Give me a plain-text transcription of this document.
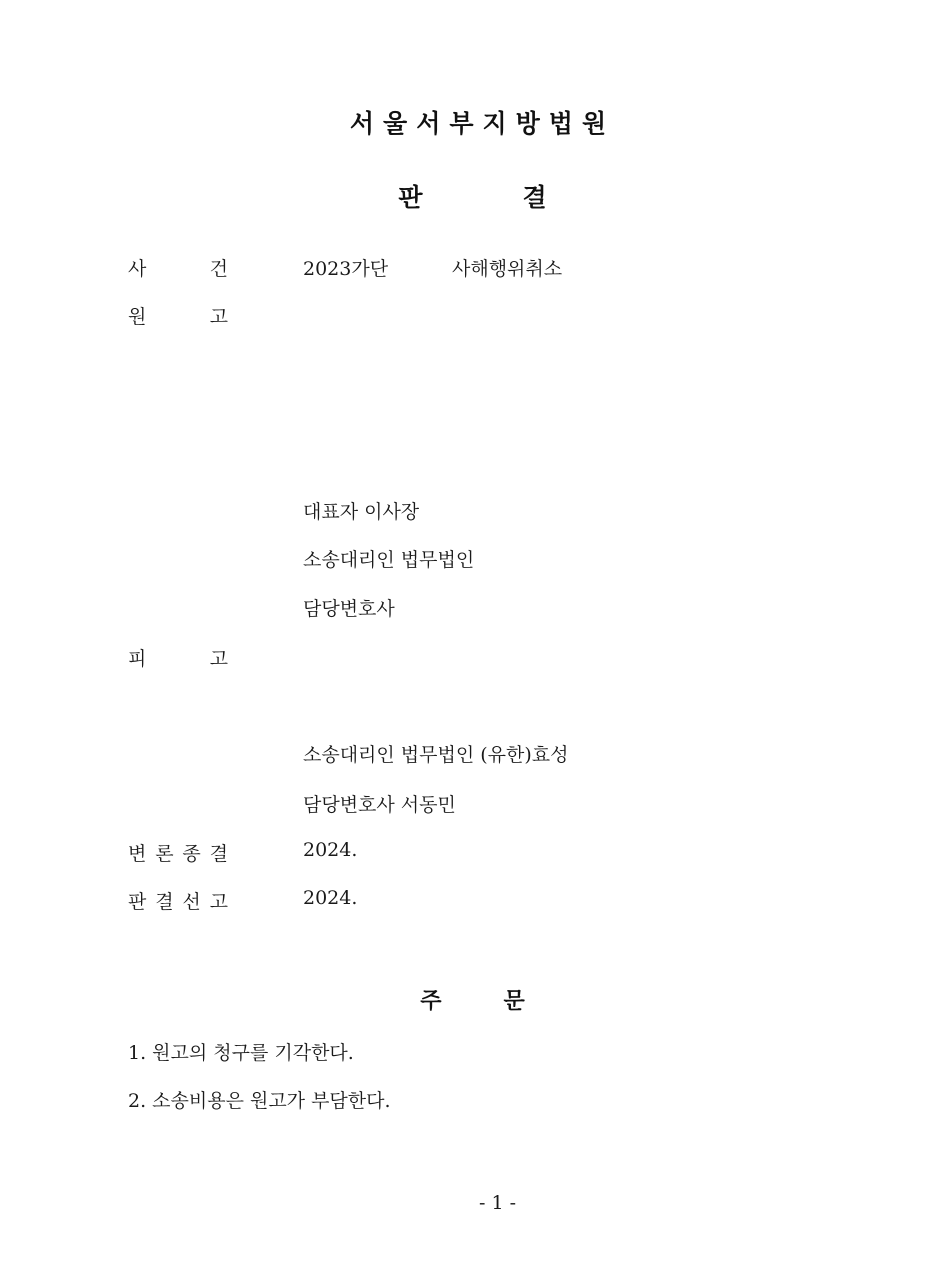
서울서부지방법원
판	결
사	건	2023가단	사해행위취소
원	고
대표자 이사장
소송대리인 법무법인
담당변호사
피	고
소송대리인 법무법인 (유한)효성
담당변호사 서동민
변 론 종 결	2024.
판 결 선 고	2024.
주	문
1. 원고의 청구를 기각한다.
2. 소송비용은 원고가 부담한다.
- 1 -
